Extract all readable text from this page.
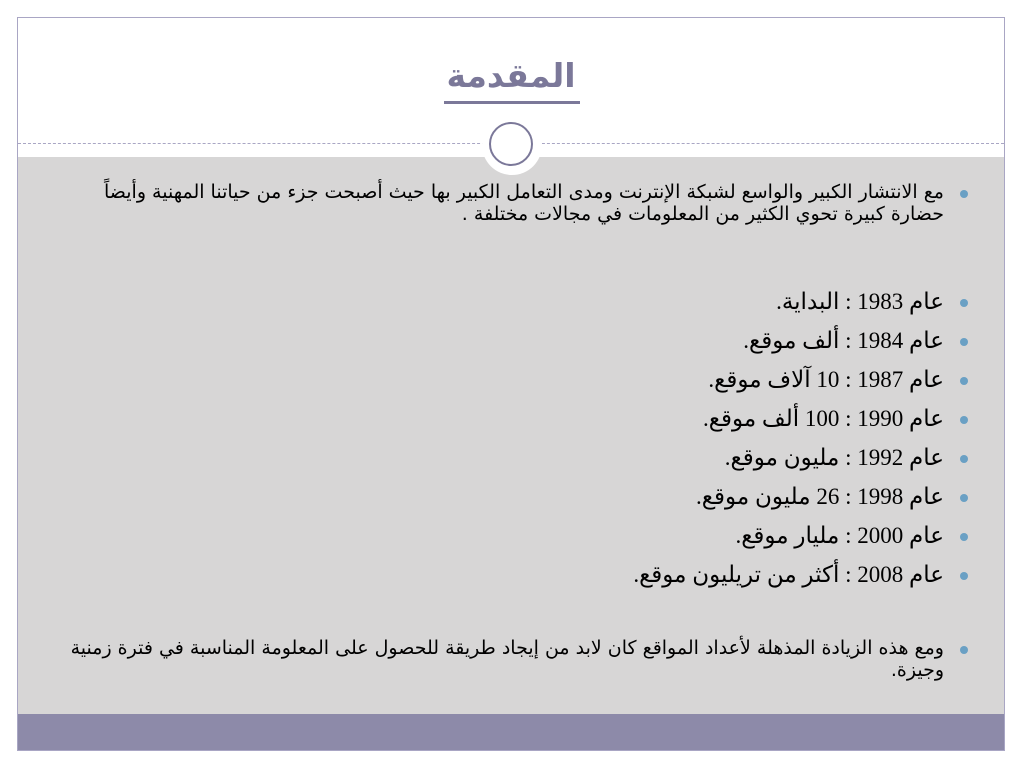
المقدمة
مع الانتشار الكبير والواسع لشبكة الإنترنت ومدى التعامل الكبير بها حيث أصبحت جزء من حياتنا المهنية وأيضاً حضارة كبيرة تحوي الكثير من المعلومات في مجالات مختلفة .
عام 1983 : البداية.
عام 1984 : ألف موقع.
عام 1987 : 10 آلاف موقع.
عام 1990 : 100 ألف موقع.
عام 1992 : مليون موقع.
عام 1998 : 26 مليون موقع.
عام 2000 : مليار موقع.
عام 2008 : أكثر من تريليون موقع.
ومع هذه الزيادة المذهلة لأعداد المواقع كان لابد من إيجاد طريقة للحصول على المعلومة المناسبة في فترة زمنية وجيزة.
